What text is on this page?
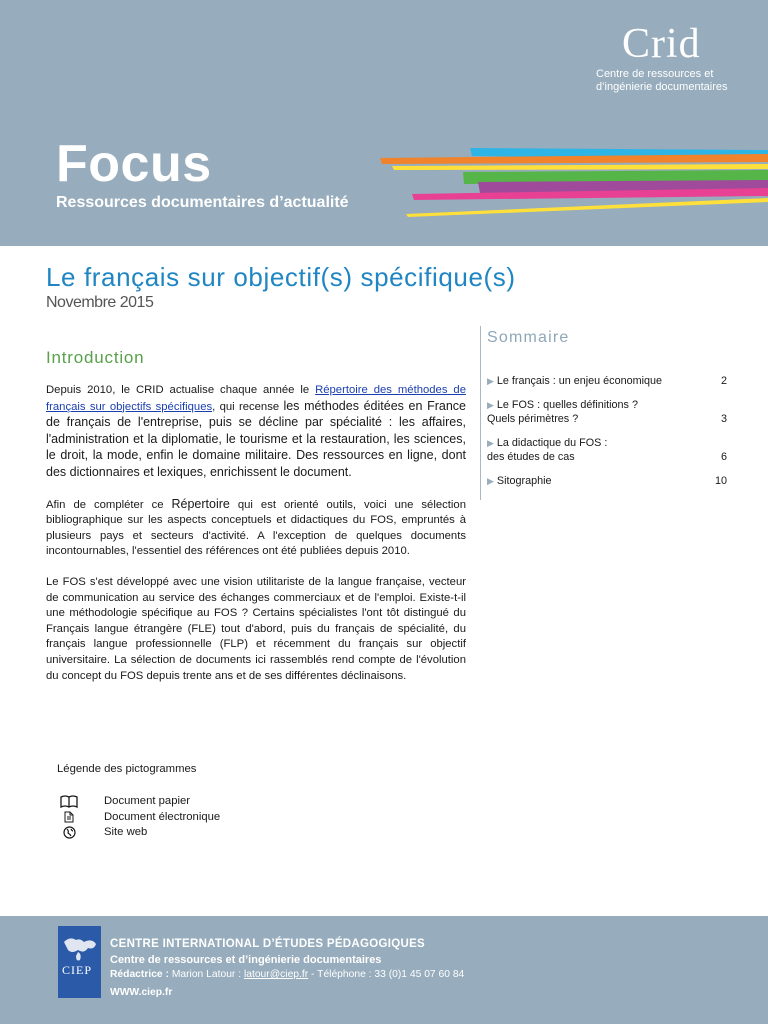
Crid
Centre de ressources et
d’ingénierie documentaires
Focus
Ressources documentaires d’actualité
Le français sur objectif(s) spécifique(s)
Novembre 2015
Introduction

Depuis 2010, le CRID actualise chaque année le Répertoire des méthodes de français sur objectifs spécifiques, qui recense les méthodes éditées en France de français de l'entreprise, puis se décline par spécialité : les affaires, l'administration et la diplomatie, le tourisme et la restauration, les sciences, le droit, la mode, enfin le domaine militaire. Des ressources en ligne, dont des dictionnaires et lexiques, enrichissent le document.

Afin de compléter ce Répertoire qui est orienté outils, voici une sélection bibliographique sur les aspects conceptuels et didactiques du FOS, empruntés à plusieurs pays et secteurs d'activité. A l'exception de quelques documents incontournables, l'essentiel des références ont été publiées depuis 2010.

Le FOS s'est développé avec une vision utilitariste de la langue française, vecteur de communication au service des échanges commerciaux et de l'emploi. Existe-t-il une méthodologie spécifique au FOS ? Certains spécialistes l'ont tôt distingué du Français langue étrangère (FLE) tout d'abord, puis du français de spécialité, du français langue professionnelle (FLP) et récemment du français sur objectif universitaire. La sélection de documents ici rassemblés rend compte de l'évolution du concept du FOS depuis trente ans et de ses différentes déclinaisons.

Sommaire
▶ Le français : un enjeu économique	2
▶ Le FOS : quelles définitions ?
Quels périmètres ?	3
▶ La didactique du FOS :
des études de cas	6
▶ Sitographie	10
Légende des pictogrammes
Document papier
Document électronique
Site web
CIEP
CENTRE INTERNATIONAL D’ÉTUDES PÉDAGOGIQUES
Centre de ressources et d’ingénierie documentaires
Rédactrice : Marion Latour : latour@ciep.fr - Téléphone : 33 (0)1 45 07 60 84
WWW.ciep.fr
